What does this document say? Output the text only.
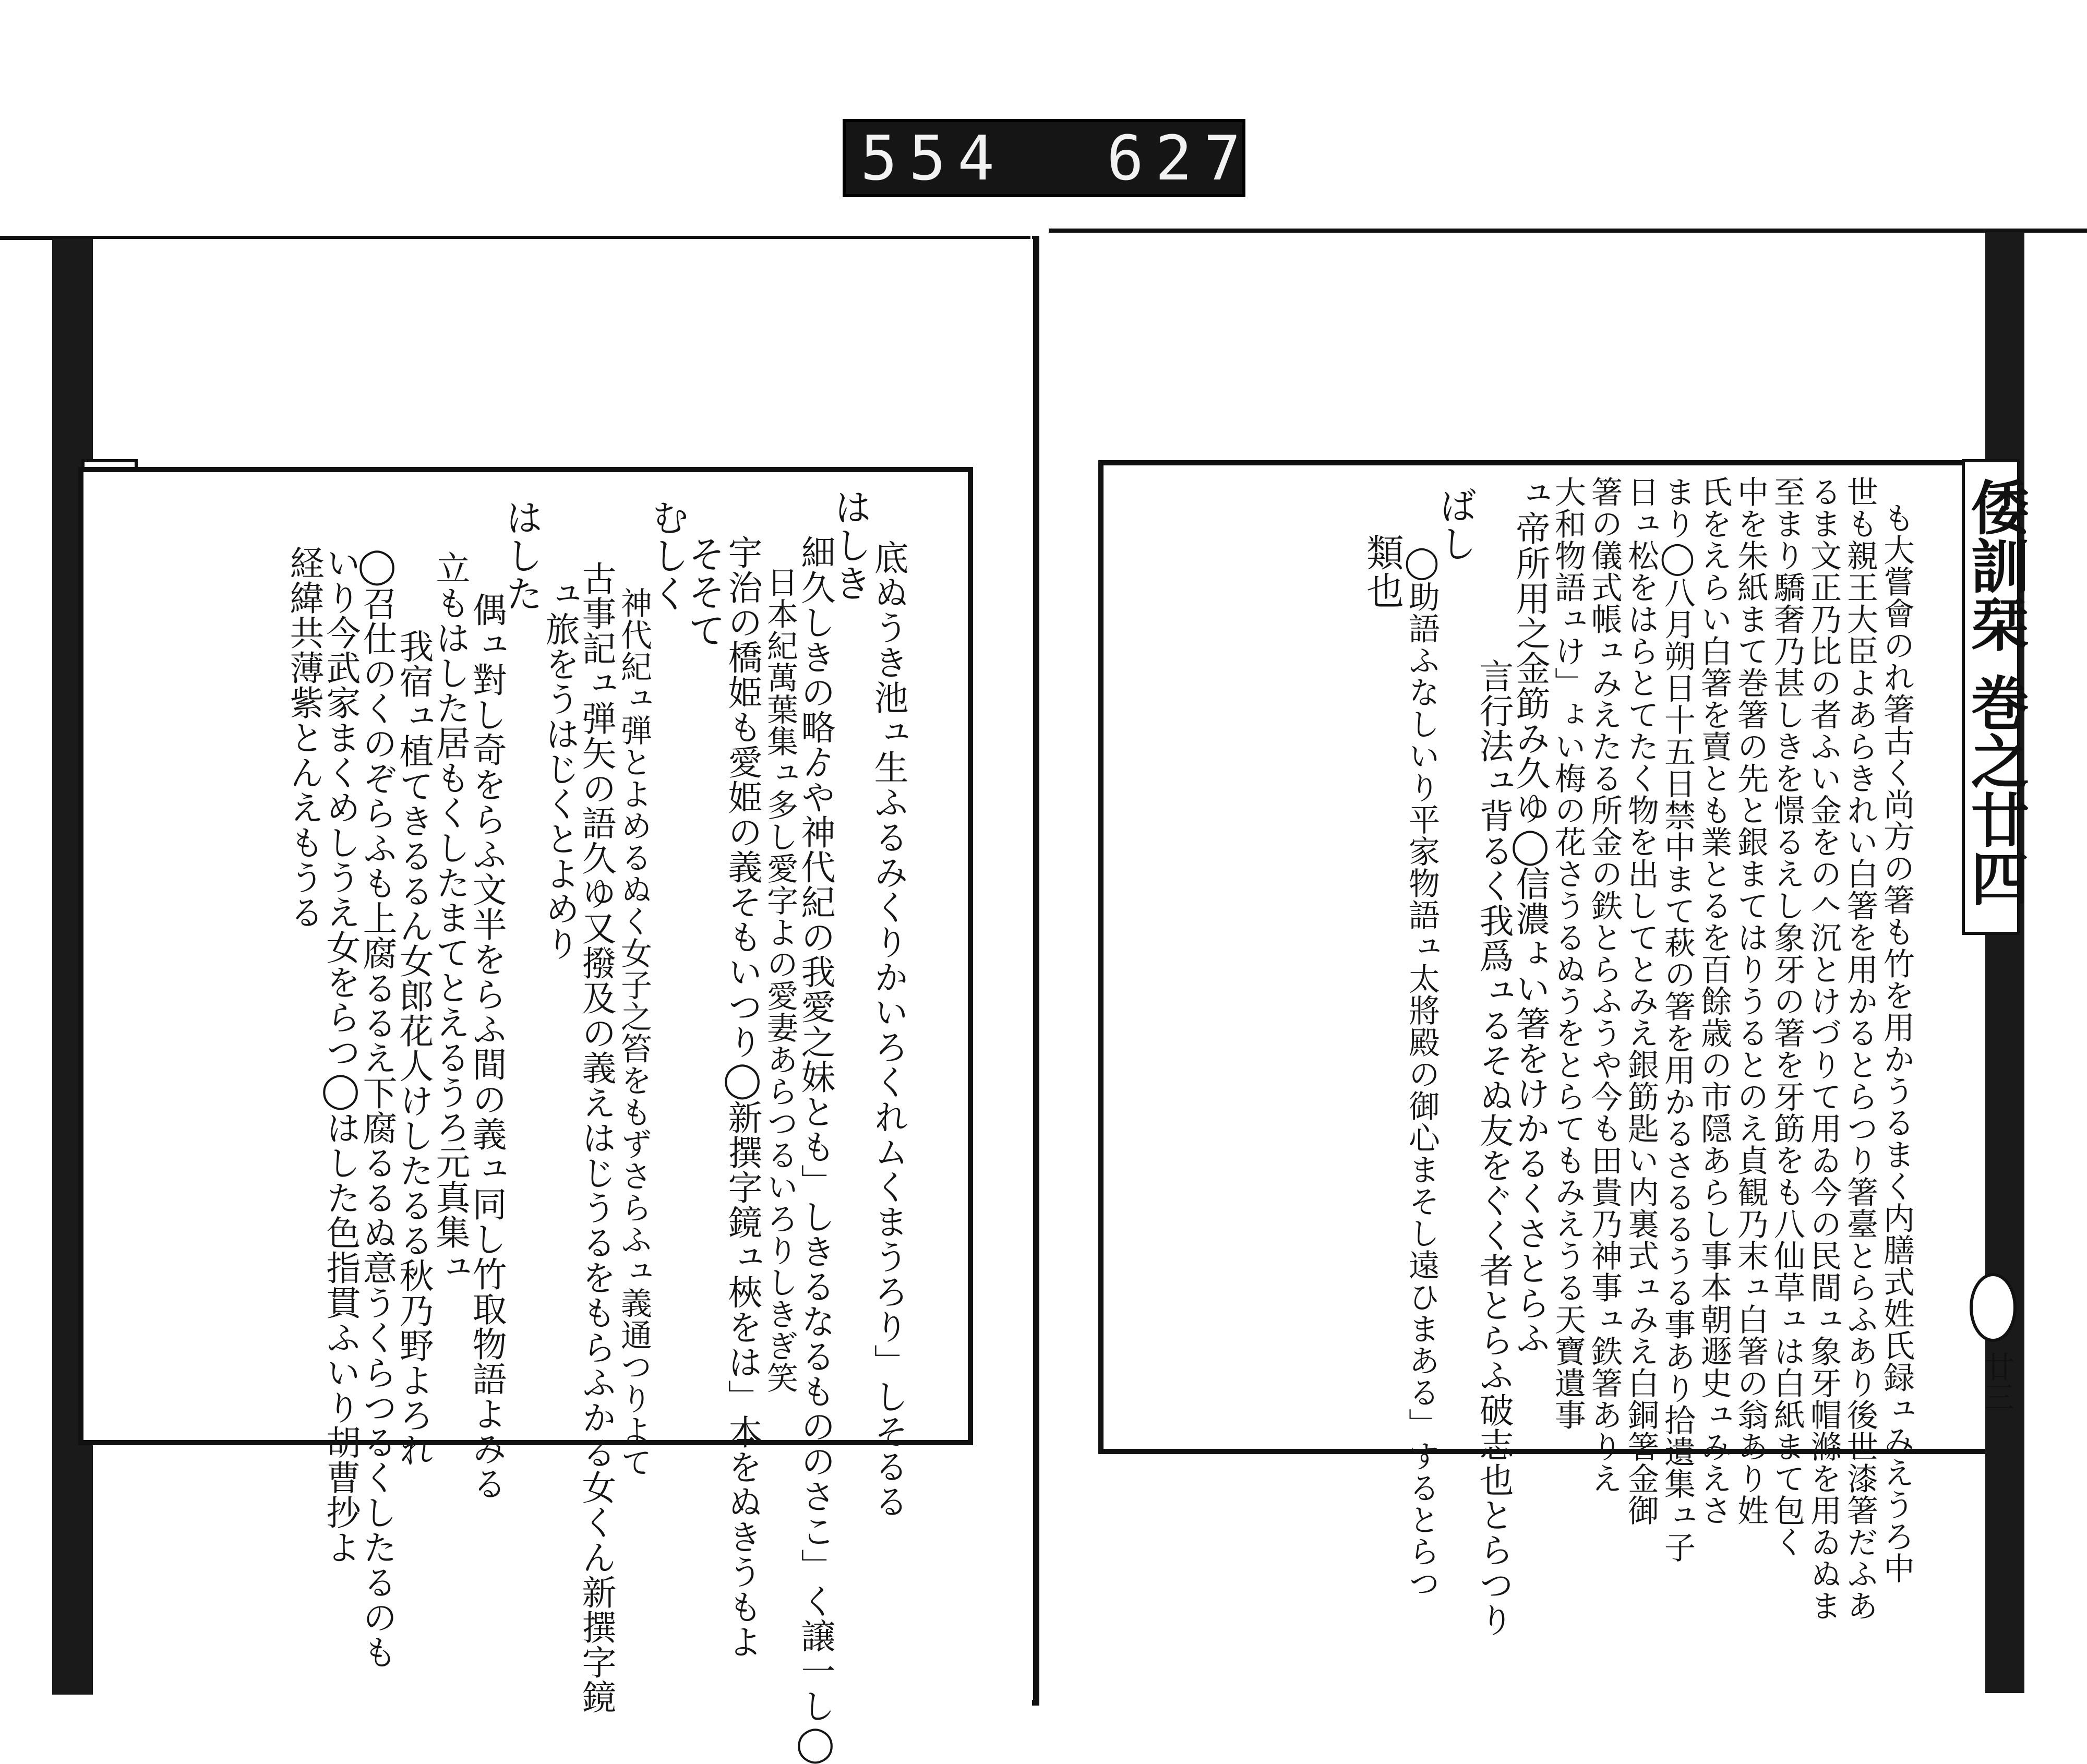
554 627
底ぬうき池ュ生ふるみくりかいろくれムくまうろり」しそるる
はしき
細久しきの略ゟや神代紀の我愛之妹とも」しきるなるもののさこ」く譲一し◯
日本紀萬葉集ュ多し愛字よの愛妻あらつるいろりしきぎ笑
宇治の橋姫も愛姫の義そもいつり◯新撰字鏡ュ梜をは」本をぬきうもよ
そそて
むしく
神代紀ュ弾とよめるぬく女子之笞をもずさらふュ義通つりよて
古事記ュ弾矢の語久ゆ又撥及の義えはじうるをもらふかる女くん新撰字鏡
ュ旅をうはじくとよめり
はした
偶ュ對し奇をらふ文半をらふ間の義ュ同し竹取物語よみる
立もはした居もくしたまてとえるうろ元真集ュ
我宿ュ植てきるるん女郎花人けしたるる秋乃野よろれ
◯召仕のくのぞらふも上腐るるえ下腐るるぬ意うくらつるくしたるのも
いり今武家まくめしうえ女をらつ◯はした色指貫ふいり胡曹抄よ
経緯共薄紫とんえもうる	も大嘗會のれ箸古く尚方の箸も竹を用かうるまく内膳式姓氏録ュみえうろ中
世も親王大臣よあらきれい白箸を用かるとらつり箸臺とらふあり後世漆箸だふあ
るま文正乃比の者ふい金をの𠆢沉とけづりて用ゐ今の民間ュ象牙帽滌を用ゐぬま
至まり驕奢乃甚しきを憬るえし象牙の箸を牙筯をも八仙草ュは白紙まて包く
中を朱紙まて巻箸の先と銀まてはりうるとのえ貞観乃末ュ白箸の翁あり姓
氏をえらい白箸を賣とも業とるを百餘歳の市隠あらし事本朝遯史ュみえさ
まり◯八月朔日十五日禁中まて萩の箸を用かるさるるうる事あり拾遺集ュ子
日ュ松をはらとてたく物を出してとみえ銀筯匙い内裏式ュみえ白銅箸金御
箸の儀式帳ュみえたる所金の鉄とらふうや今も田貴乃神事ュ鉄箸ありえ
大和物語ュけ」ょい梅の花さうるぬうをとらてもみえうる天寶遺事
ュ帝所用之金筯み久ゆ◯信濃ょい箸をけかるくさとらふ
言行法ュ背るく我爲ュるそぬ友をぐく者とらふ破志也とらつり
ばし
◯助語ふなしいり平家物語ュ太將殿の御心まそし遠ひまある」するとらつ
類也	倭訓栞 巻之廿四
廿三
